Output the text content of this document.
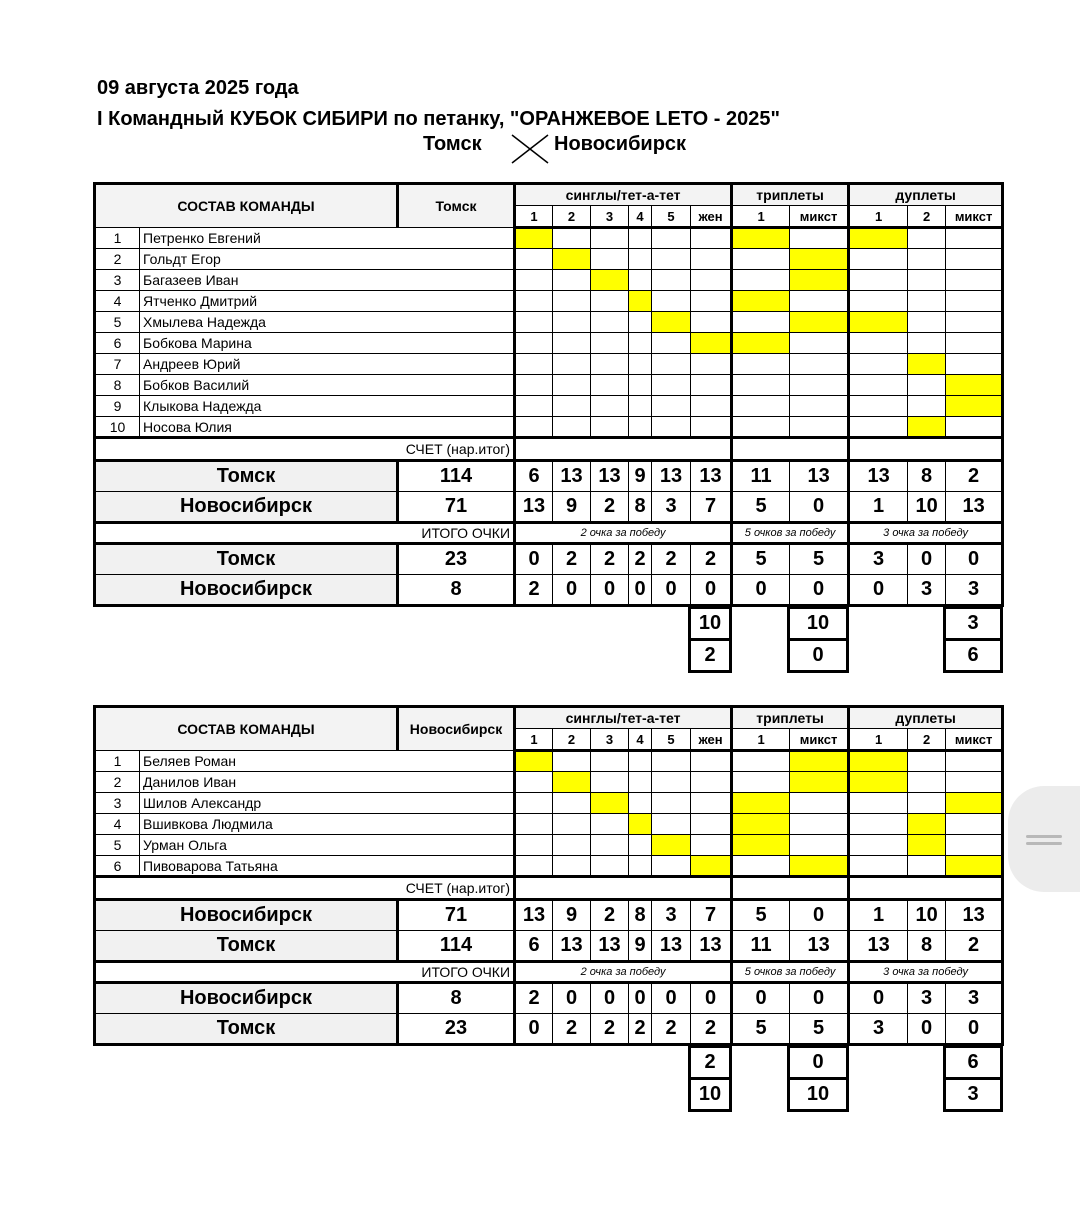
09 августа 2025 года
I Командный КУБОК СИБИРИ по петанку, "ОРАНЖЕВОЕ LETO - 2025"
Томск	Новосибирск
СОСТАВ КОМАНДЫ		Томск	синглы/тет-а-тет						триплеты		дуплеты		
			1	2	3	4	5	жен	1	микст	1	2	микст
1	Петренко Евгений												
2	Гольдт Егор												
3	Багазеев Иван												
4	Ятченко Дмитрий												
5	Хмылева Надежда												
6	Бобкова Марина												
7	Андреев Юрий												
8	Бобков Василий												
9	Клыкова Надежда												
10	Носова Юлия												
СЧЕТ (нар.итог)													
Томск		114	6	13	13	9	13	13	11	13	13	8	2
Новосибирск		71	13	9	2	8	3	7	5	0	1	10	13
ИТОГО ОЧКИ			2 очка за победу						5 очков за победу		3 очка за победу		
Томск		23	0	2	2	2	2	2	5	5	3	0	0
Новосибирск		8	2	0	0	0	0	0	0	0	0	3	3
10	10	3
2	0	6
СОСТАВ КОМАНДЫ		Новосибирск	синглы/тет-а-тет						триплеты		дуплеты		
			1	2	3	4	5	жен	1	микст	1	2	микст
1	Беляев Роман												
2	Данилов Иван												
3	Шилов Александр												
4	Вшивкова Людмила												
5	Урман Ольга												
6	Пивоварова Татьяна												
СЧЕТ (нар.итог)													
Новосибирск		71	13	9	2	8	3	7	5	0	1	10	13
Томск		114	6	13	13	9	13	13	11	13	13	8	2
ИТОГО ОЧКИ			2 очка за победу						5 очков за победу		3 очка за победу		
Новосибирск		8	2	0	0	0	0	0	0	0	0	3	3
Томск		23	0	2	2	2	2	2	5	5	3	0	0
2	0	6
10	10	3
